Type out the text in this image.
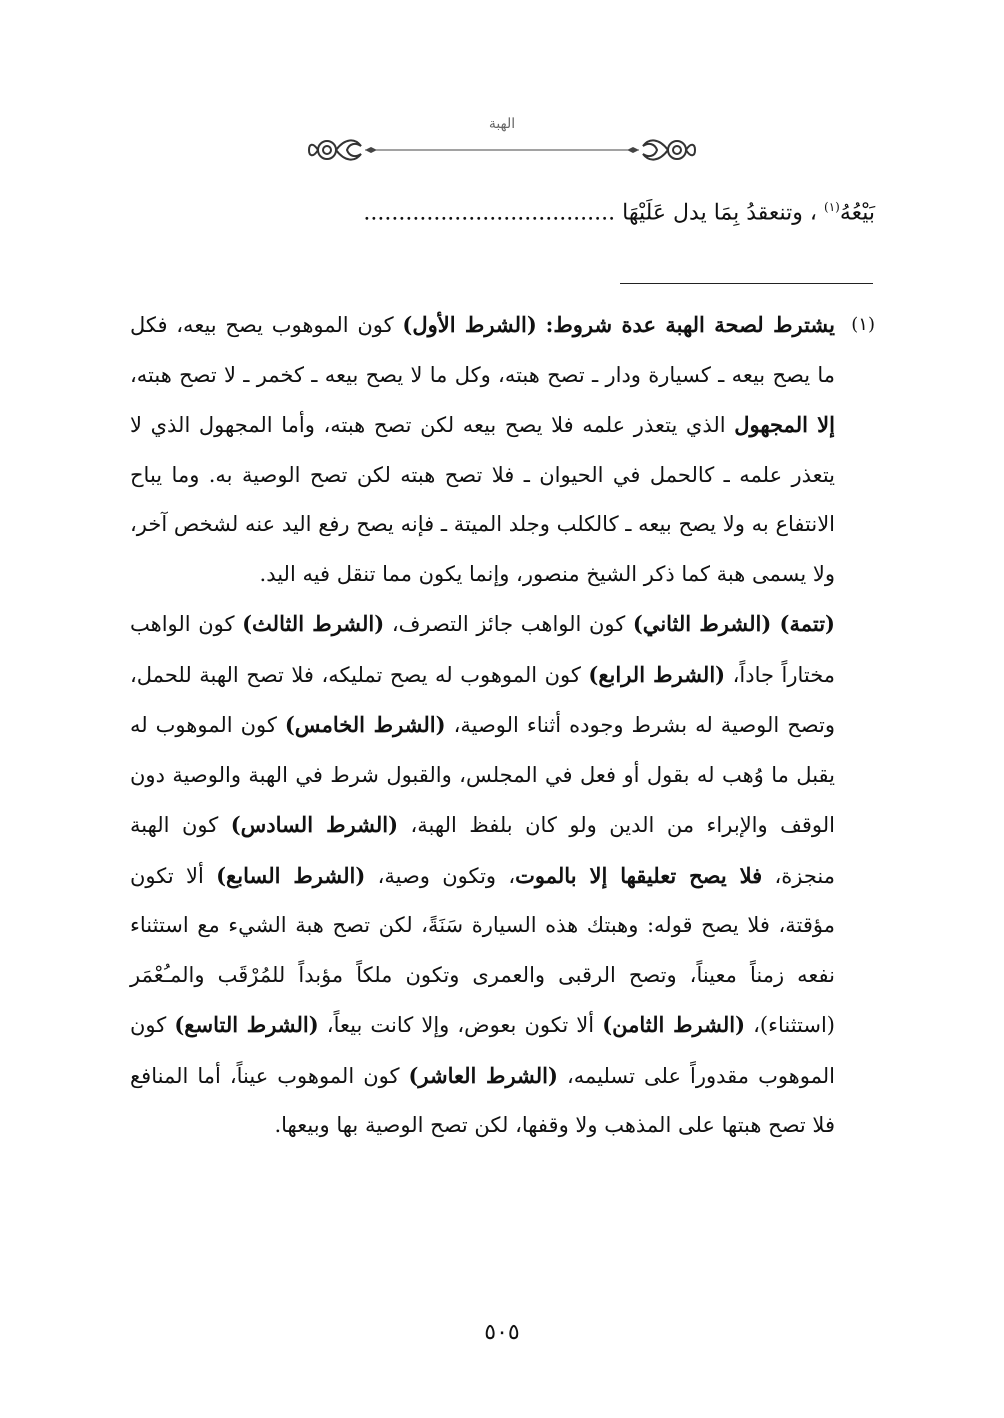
الهبة
بَيْعُهُ$^{(١)}$ ، وتنعقدُ بِمَا يدل عَلَيْهَا ....................................
(١)

يشترط لصحة الهبة عدة شروط: (الشرط الأول) كون الموهوب يصح بيعه، فكل ما يصح بيعه ـ كسيارة ودار ـ تصح هبته، وكل ما لا يصح بيعه ـ كخمر ـ لا تصح هبته، إلا المجهول الذي يتعذر علمه فلا يصح بيعه لكن تصح هبته، وأما المجهول الذي لا يتعذر علمه ـ كالحمل في الحيوان ـ فلا تصح هبته لكن تصح الوصية به. وما يباح الانتفاع به ولا يصح بيعه ـ كالكلب وجلد الميتة ـ فإنه يصح رفع اليد عنه لشخص آخر، ولا يسمى هبة كما ذكر الشيخ منصور، وإنما يكون مما تنقل فيه اليد.

(تتمة) (الشرط الثاني) كون الواهب جائز التصرف، (الشرط الثالث) كون الواهب مختاراً جاداً، (الشرط الرابع) كون الموهوب له يصح تمليكه، فلا تصح الهبة للحمل، وتصح الوصية له بشرط وجوده أثناء الوصية، (الشرط الخامس) كون الموهوب له يقبل ما وُهب له بقول أو فعل في المجلس، والقبول شرط في الهبة والوصية دون الوقف والإبراء من الدين ولو كان بلفظ الهبة، (الشرط السادس) كون الهبة منجزة، فلا يصح تعليقها إلا بالموت، وتكون وصية، (الشرط السابع) ألا تكون مؤقتة، فلا يصح قوله: وهبتك هذه السيارة سَنَةً، لكن تصح هبة الشيء مع استثناء نفعه زمناً معيناً، وتصح الرقبى والعمرى وتكون ملكاً مؤبداً للمُرْقَب والمـُعْمَر (استثناء)، (الشرط الثامن) ألا تكون بعوض، وإلا كانت بيعاً، (الشرط التاسع) كون الموهوب مقدوراً على تسليمه، (الشرط العاشر) كون الموهوب عيناً، أما المنافع فلا تصح هبتها على المذهب ولا وقفها، لكن تصح الوصية بها وبيعها.

٥٠٥
